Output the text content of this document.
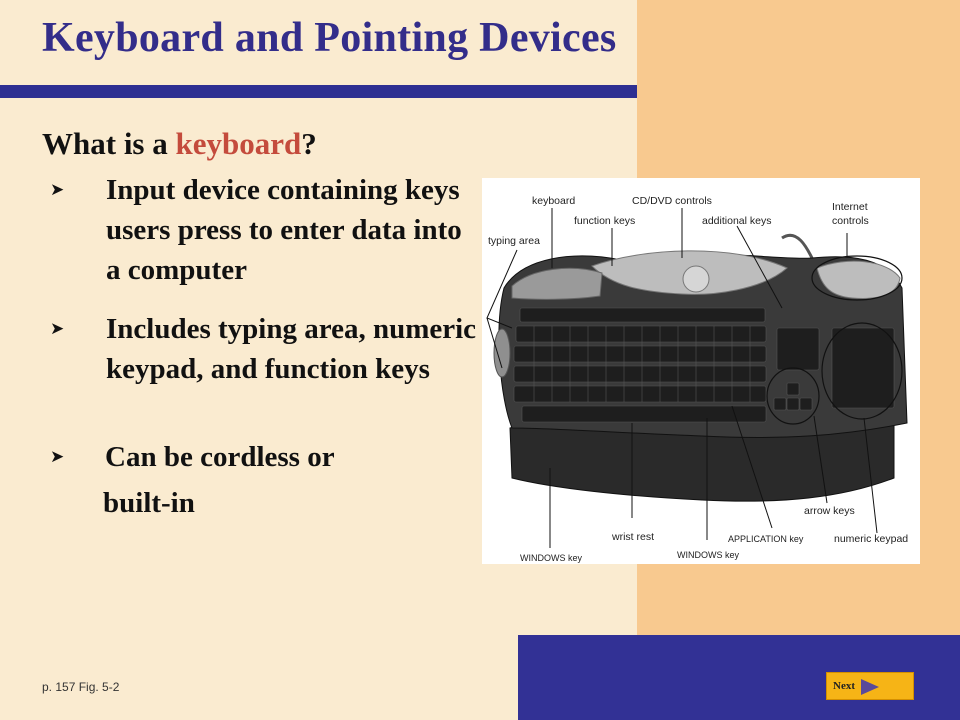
Keyboard and Pointing Devices

What is a keyboard?

➤ Input device containing keys users press to enter data into a computer
➤ Includes typing area, numeric keypad, and function keys
➤ Can be cordless or
built-in
keyboard	CD/DVD controls	Internet
controls
function keys	additional keys
typing area
arrow keys
wrist rest
WINDOWS key	WINDOWS key
APPLICATION key	numeric keypad
p. 157 Fig. 5-2	Next
